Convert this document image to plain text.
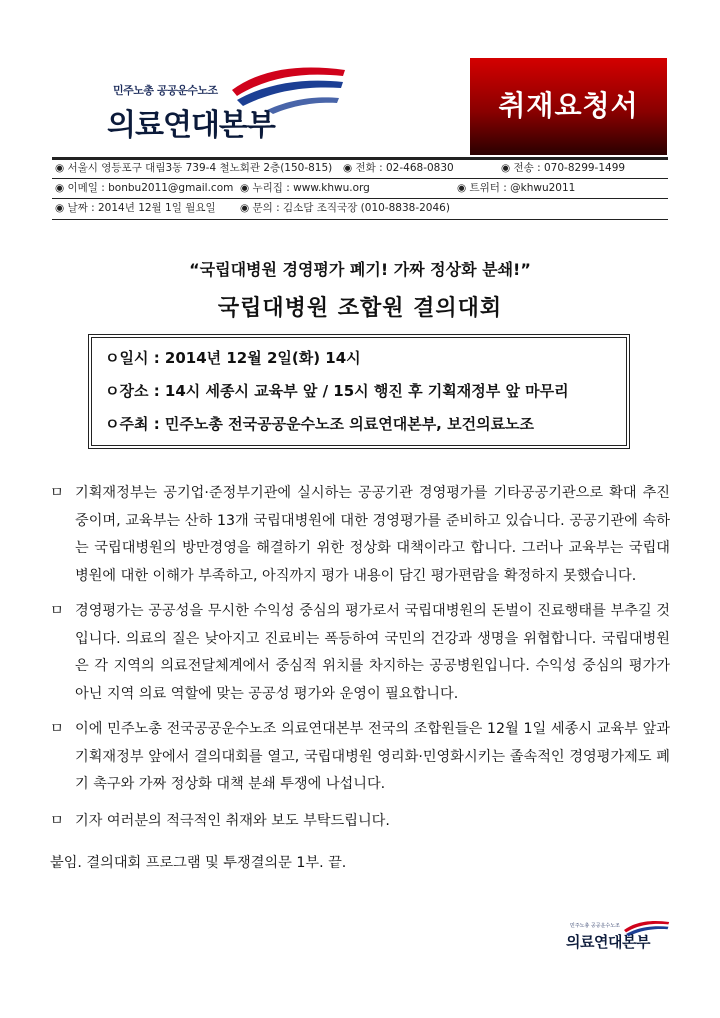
민주노총 공공운수노조
의료연대본부
취재요청서
◉ 서울시 영등포구 대림3동 739-4 철노회관 2층(150-815) ◉ 전화 : 02-468-0830	◉ 전송 : 070-8299-1499
◉ 이메일 : bonbu2011@gmail.com ◉ 누리집 : www.khwu.org	◉ 트위터 : @khwu2011
◉ 날짜 : 2014년 12월 1일 월요일 ◉ 문의 : 김소담 조직국장 (010-8838-2046)
“국립대병원 경영평가 폐기! 가짜 정상화 분쇄!”
국립대병원 조합원 결의대회
ㅇ일시 : 2014년 12월 2일(화) 14시
ㅇ장소 : 14시 세종시 교육부 앞 / 15시 행진 후 기획재정부 앞 마무리
ㅇ주최 : 민주노총 전국공공운수노조 의료연대본부, 보건의료노조
ㅁ 기획재정부는 공기업·준정부기관에 실시하는 공공기관 경영평가를 기타공공기관으로 확대 추진 중이며, 교육부는 산하 13개 국립대병원에 대한 경영평가를 준비하고 있습니다. 공공기관에 속하는 국립대병원의 방만경영을 해결하기 위한 정상화 대책이라고 합니다. 그러나 교육부는 국립대병원에 대한 이해가 부족하고, 아직까지 평가 내용이 담긴 평가편람을 확정하지 못했습니다.
ㅁ 경영평가는 공공성을 무시한 수익성 중심의 평가로서 국립대병원의 돈벌이 진료행태를 부추길 것입니다. 의료의 질은 낮아지고 진료비는 폭등하여 국민의 건강과 생명을 위협합니다. 국립대병원은 각 지역의 의료전달체계에서 중심적 위치를 차지하는 공공병원입니다. 수익성 중심의 평가가 아닌 지역 의료 역할에 맞는 공공성 평가와 운영이 필요합니다.
ㅁ 이에 민주노총 전국공공운수노조 의료연대본부 전국의 조합원들은 12월 1일 세종시 교육부 앞과 기획재정부 앞에서 결의대회를 열고, 국립대병원 영리화·민영화시키는 졸속적인 경영평가제도 폐기 촉구와 가짜 정상화 대책 분쇄 투쟁에 나섭니다.
ㅁ 기자 여러분의 적극적인 취재와 보도 부탁드립니다.
붙임. 결의대회 프로그램 및 투쟁결의문 1부. 끝.
민주노총 공공운수노조
의료연대본부
